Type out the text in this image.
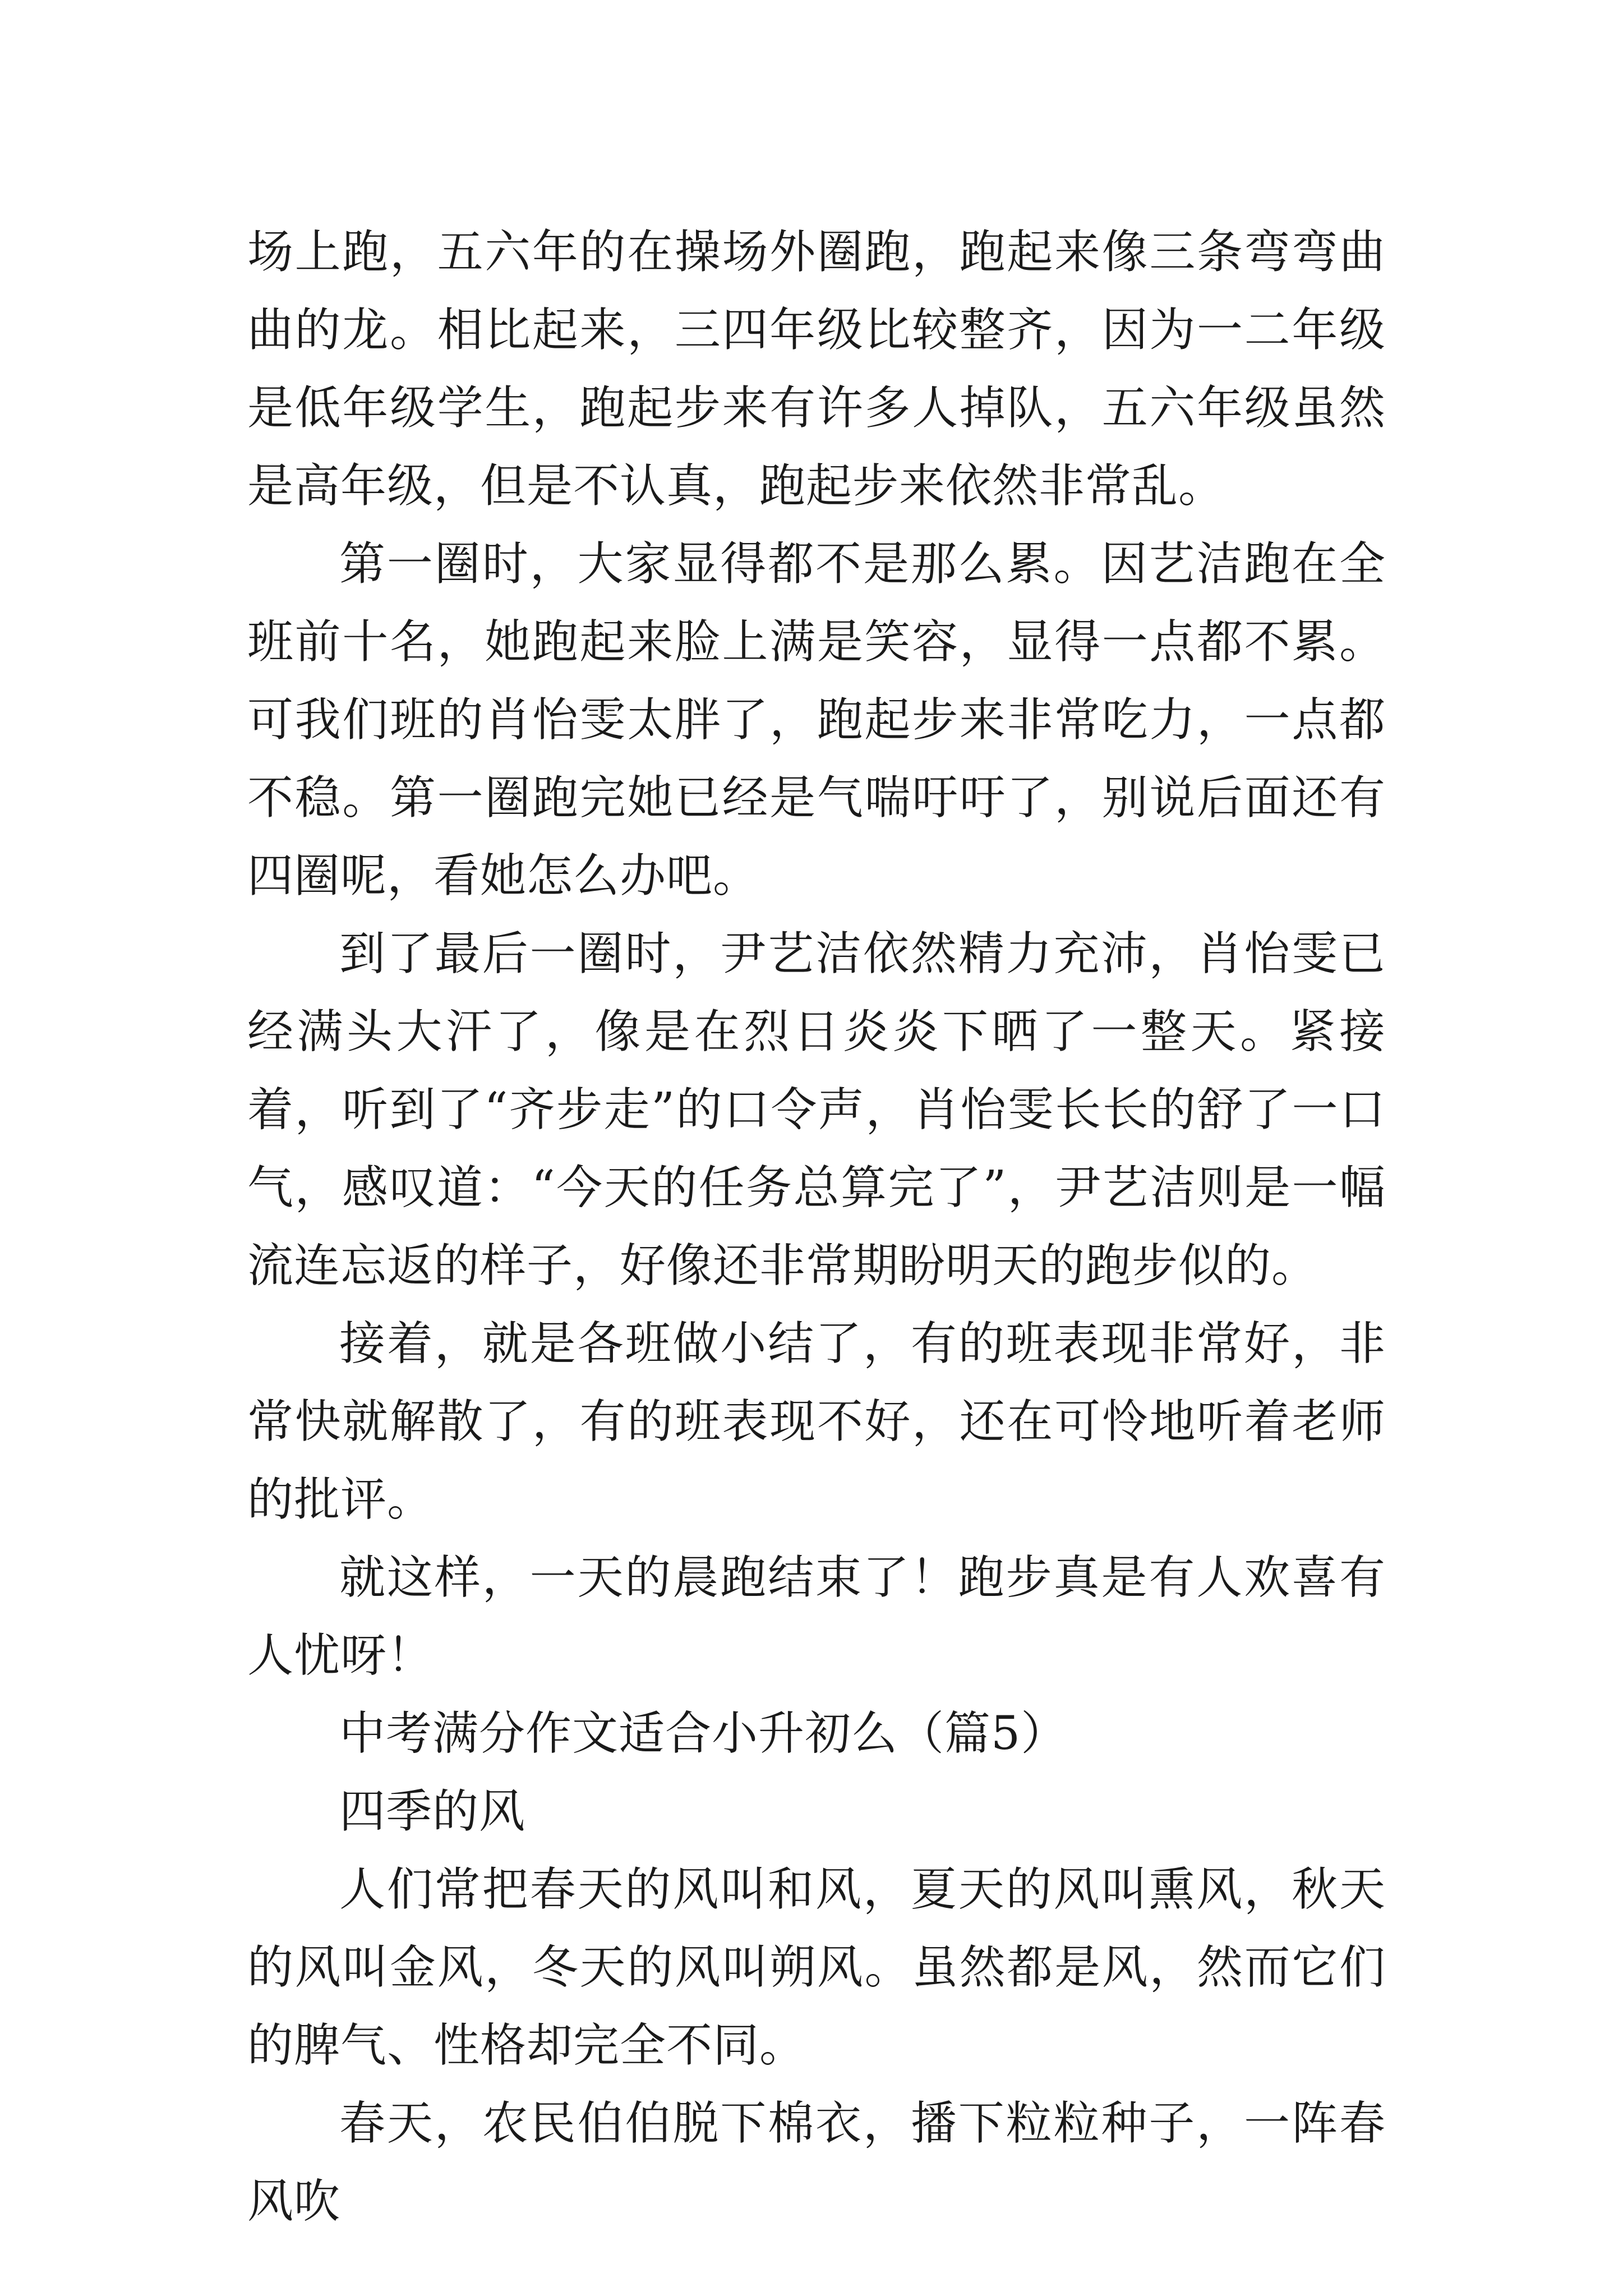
场上跑，五六年的在操场外圈跑，跑起来像三条弯弯曲曲的龙。相比起来，三四年级比较整齐，因为一二年级是低年级学生，跑起步来有许多人掉队，五六年级虽然是高年级，但是不认真，跑起步来依然非常乱。

第一圈时，大家显得都不是那么累。因艺洁跑在全班前十名，她跑起来脸上满是笑容，显得一点都不累。可我们班的肖怡雯太胖了，跑起步来非常吃力，一点都不稳。第一圈跑完她已经是气喘吁吁了，别说后面还有四圈呢，看她怎么办吧。

到了最后一圈时，尹艺洁依然精力充沛，肖怡雯已经满头大汗了，像是在烈日炎炎下晒了一整天。紧接着，听到了“齐步走”的口令声，肖怡雯长长的舒了一口气，感叹道：“今天的任务总算完了”，尹艺洁则是一幅流连忘返的样子，好像还非常期盼明天的跑步似的。

接着，就是各班做小结了，有的班表现非常好，非常快就解散了，有的班表现不好，还在可怜地听着老师的批评。

就这样，一天的晨跑结束了！跑步真是有人欢喜有人忧呀！

中考满分作文适合小升初么（篇5）

四季的风

人们常把春天的风叫和风，夏天的风叫熏风，秋天的风叫金风，冬天的风叫朔风。虽然都是风，然而它们的脾气、性格却完全不同。

春天，农民伯伯脱下棉衣，播下粒粒种子，一阵春风吹
